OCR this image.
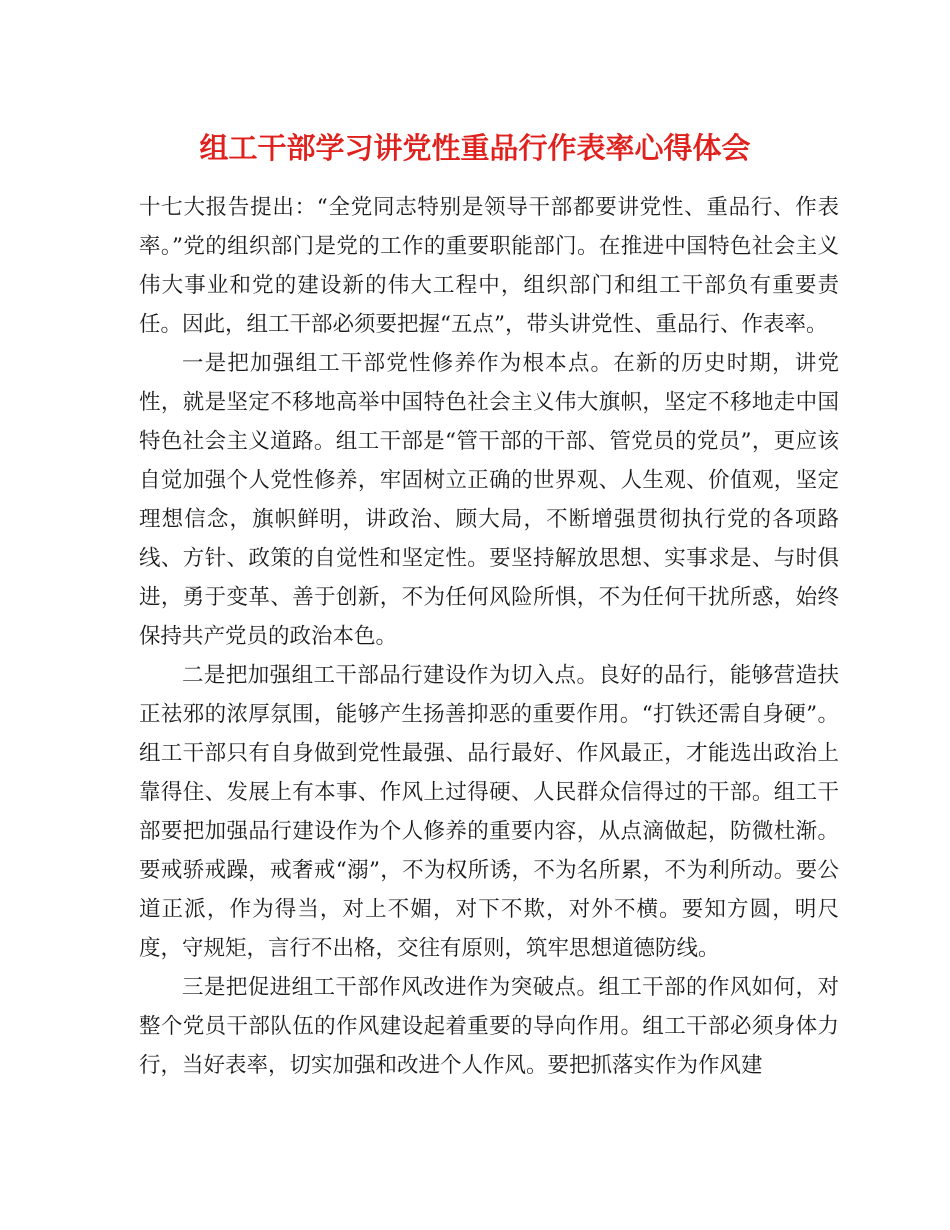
组工干部学习讲党性重品行作表率心得体会

十七大报告提出：“全党同志特别是领导干部都要讲党性、重品行、作表率。”党的组织部门是党的工作的重要职能部门。在推进中国特色社会主义伟大事业和党的建设新的伟大工程中，组织部门和组工干部负有重要责任。因此，组工干部必须要把握“五点”，带头讲党性、重品行、作表率。

一是把加强组工干部党性修养作为根本点。在新的历史时期，讲党性，就是坚定不移地高举中国特色社会主义伟大旗帜，坚定不移地走中国特色社会主义道路。组工干部是“管干部的干部、管党员的党员”，更应该自觉加强个人党性修养，牢固树立正确的世界观、人生观、价值观，坚定理想信念，旗帜鲜明，讲政治、顾大局，不断增强贯彻执行党的各项路线、方针、政策的自觉性和坚定性。要坚持解放思想、实事求是、与时俱进，勇于变革、善于创新，不为任何风险所惧，不为任何干扰所惑，始终保持共产党员的政治本色。

二是把加强组工干部品行建设作为切入点。良好的品行，能够营造扶正祛邪的浓厚氛围，能够产生扬善抑恶的重要作用。“打铁还需自身硬”。组工干部只有自身做到党性最强、品行最好、作风最正，才能选出政治上靠得住、发展上有本事、作风上过得硬、人民群众信得过的干部。组工干部要把加强品行建设作为个人修养的重要内容，从点滴做起，防微杜渐。要戒骄戒躁，戒奢戒“溺”，不为权所诱，不为名所累，不为利所动。要公道正派，作为得当，对上不媚，对下不欺，对外不横。要知方圆，明尺度，守规矩，言行不出格，交往有原则，筑牢思想道德防线。

三是把促进组工干部作风改进作为突破点。组工干部的作风如何，对整个党员干部队伍的作风建设起着重要的导向作用。组工干部必须身体力行，当好表率，切实加强和改进个人作风。要把抓落实作为作风建
